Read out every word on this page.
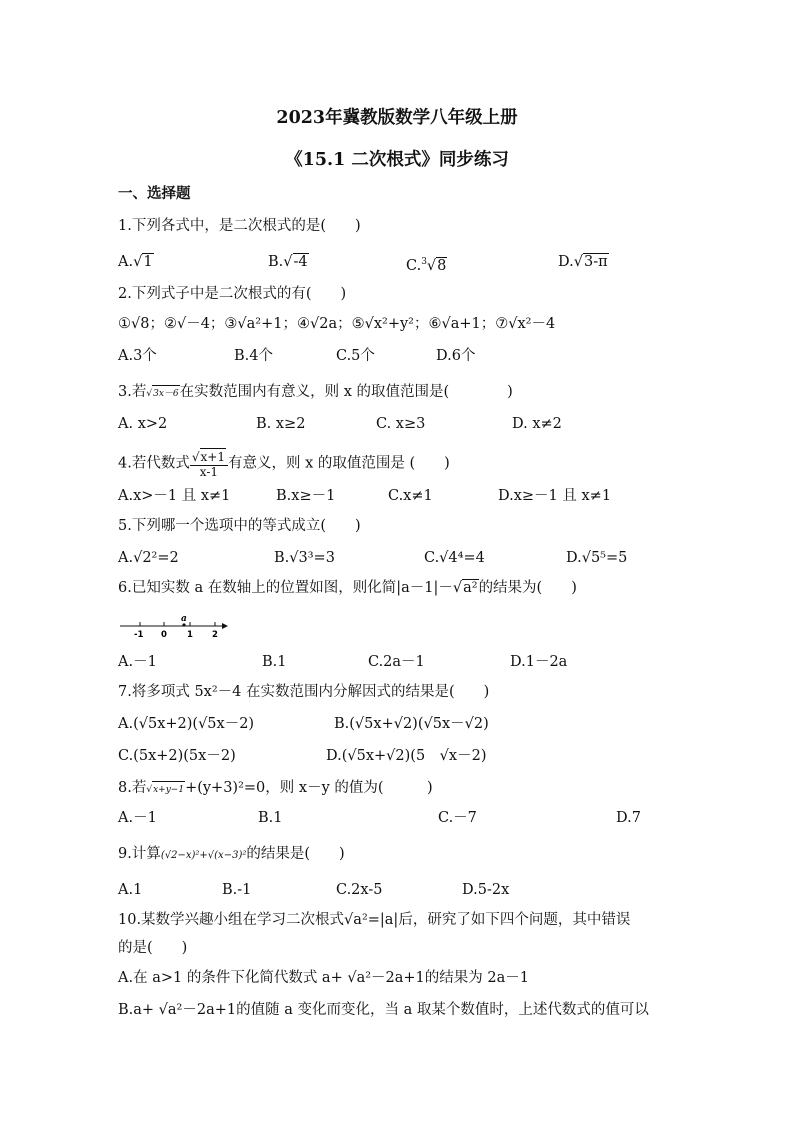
2023年冀教版数学八年级上册
《15.1 二次根式》同步练习
一、选择题
1.下列各式中，是二次根式的是(　　)
A.√1	B.√-4	C.$^3$√8	D.√3-π
2.下列式子中是二次根式的有(　　)
①√8；②√－4；③√a²+1；④√2a；⑤√x²+y²；⑥√a+1；⑦√x²－4
A.3个	B.4个	C.5个	D.6个
3.若√3x－6在实数范围内有意义，则 x 的取值范围是(　　　　)
A. x>2	B. x≥2	C. x≥3	D. x≠2
4.若代数式 $\frac{√x+1}{x-1}$ 有意义，则 x 的取值范围是 (　　)
A.x>－1 且 x≠1	B.x≥－1	C.x≠1	D.x≥－1 且 x≠1
5.下列哪一个选项中的等式成立(　　)
A.√2²=2	B.√3³=3	C.√4⁴=4	D.√5⁵=5
6.已知实数 a 在数轴上的位置如图，则化简|a－1|－√a²的结果为(　　)
a
-1 0 1 2
A.－1	B.1	C.2a－1	D.1－2a
7.将多项式 5x²－4 在实数范围内分解因式的结果是(　　)
A.(√5x+2)(√5x－2)	B.(√5x+√2)(√5x－√2)
C.(5x+2)(5x－2)	D.(√5x+√2)(5　√x－2)
8.若√x+y−1+(y+3)²=0，则 x－y 的值为(　　　)
A.－1	B.1	C.－7	D.7
9.计算(√2−x)²+√(x−3)²的结果是(　　)
A.1	B.-1	C.2x-5	D.5-2x
10.某数学兴趣小组在学习二次根式√a²=|a|后，研究了如下四个问题，其中错误
的是(　　)
A.在 a>1 的条件下化简代数式 a+ √a²－2a+1的结果为 2a－1
B.a+ √a²－2a+1的值随 a 变化而变化，当 a 取某个数值时，上述代数式的值可以
